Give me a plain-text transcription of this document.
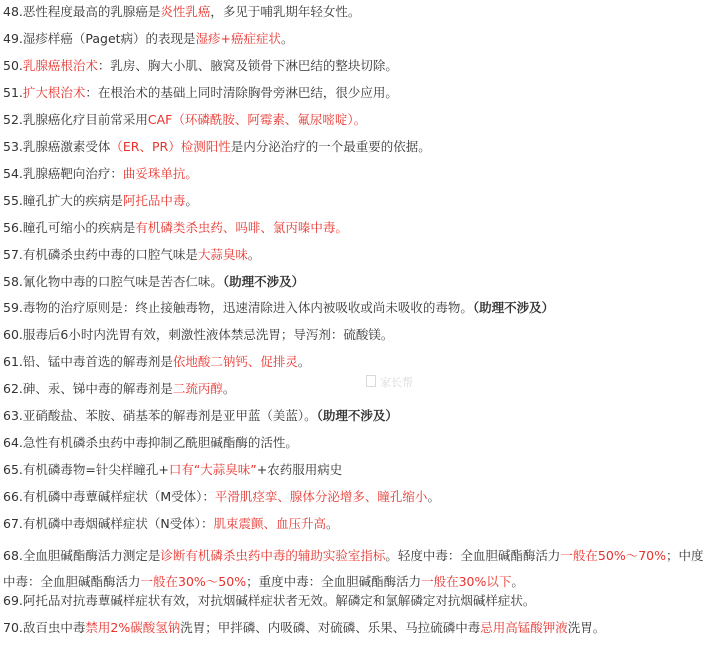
家长帮
48.恶性程度最高的乳腺癌是炎性乳癌，多见于哺乳期年轻女性。
49.湿疹样癌（Paget病）的表现是湿疹+癌症症状。
50.乳腺癌根治术：乳房、胸大小肌、腋窝及锁骨下淋巴结的整块切除。
51.扩大根治术：在根治术的基础上同时清除胸骨旁淋巴结，很少应用。
52.乳腺癌化疗目前常采用CAF（环磷酰胺、阿霉素、氟尿嘧啶）。
53.乳腺癌激素受体（ER、PR）检测阳性是内分泌治疗的一个最重要的依据。
54.乳腺癌靶向治疗：曲妥珠单抗。
55.瞳孔扩大的疾病是阿托品中毒。
56.瞳孔可缩小的疾病是有机磷类杀虫药、吗啡、氯丙嗪中毒。
57.有机磷杀虫药中毒的口腔气味是大蒜臭味。
58.氰化物中毒的口腔气味是苦杏仁味。（助理不涉及）
59.毒物的治疗原则是：终止接触毒物，迅速清除进入体内被吸收或尚未吸收的毒物。（助理不涉及）
60.服毒后6小时内洗胃有效，刺激性液体禁忌洗胃；导泻剂：硫酸镁。
61.铅、锰中毒首选的解毒剂是依地酸二钠钙、促排灵。
62.砷、汞、锑中毒的解毒剂是二巯丙醇。
63.亚硝酸盐、苯胺、硝基苯的解毒剂是亚甲蓝（美蓝）。（助理不涉及）
64.急性有机磷杀虫药中毒抑制乙酰胆碱酯酶的活性。
65.有机磷毒物=针尖样瞳孔+口有“大蒜臭味”+农药服用病史
66.有机磷中毒蕈碱样症状（M受体）：平滑肌痉挛、腺体分泌增多、瞳孔缩小。
67.有机磷中毒烟碱样症状（N受体）：肌束震颤、血压升高。
68.全血胆碱酯酶活力测定是诊断有机磷杀虫药中毒的辅助实验室指标。轻度中毒：全血胆碱酯酶活力一般在50%～70%；中度中毒：全血胆碱酯酶活力一般在30%～50%；重度中毒：全血胆碱酯酶活力一般在30%以下。
69.阿托品对抗毒蕈碱样症状有效，对抗烟碱样症状者无效。解磷定和氯解磷定对抗烟碱样症状。
70.敌百虫中毒禁用2%碳酸氢钠洗胃；甲拌磷、内吸磷、对硫磷、乐果、马拉硫磷中毒忌用高锰酸钾液洗胃。
